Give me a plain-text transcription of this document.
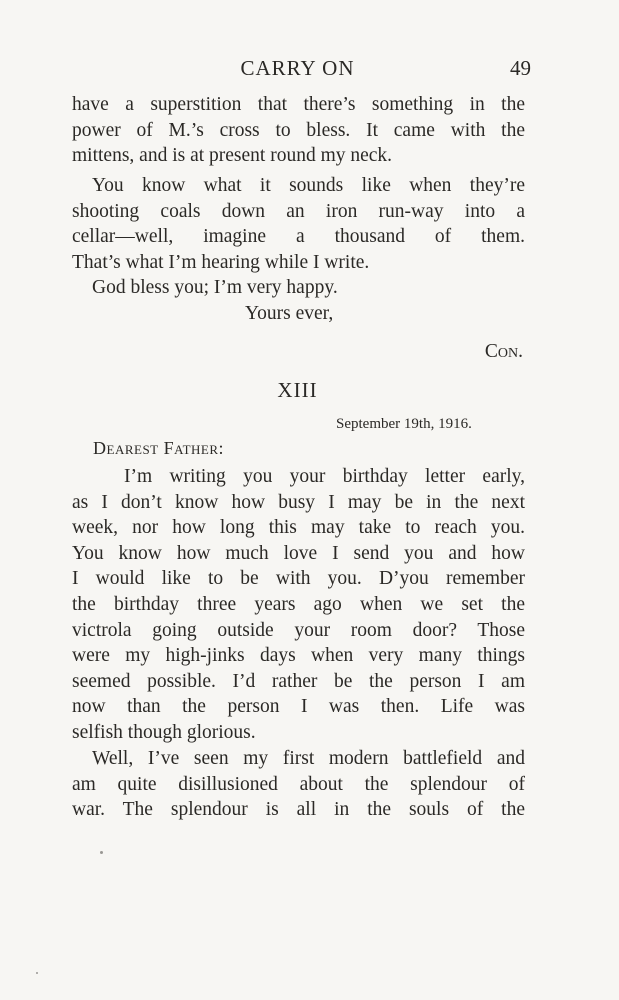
CARRY ON	49

have a superstition that there’s something in the

power of M.’s cross to bless. It came with the

mittens, and is at present round my neck.

You know what it sounds like when they’re

shooting coals down an iron run-way into a

cellar—well, imagine a thousand of them.

That’s what I’m hearing while I write.

God bless you; I’m very happy.

Yours ever,

Con.

XIII
September 19th, 1916.
Dearest Father:

I’m writing you your birthday letter early,

as I don’t know how busy I may be in the next

week, nor how long this may take to reach you.

You know how much love I send you and how

I would like to be with you. D’you remember

the birthday three years ago when we set the

victrola going outside your room door? Those

were my high-jinks days when very many things

seemed possible. I’d rather be the person I am

now than the person I was then. Life was

selfish though glorious.

Well, I’ve seen my first modern battlefield and

am quite disillusioned about the splendour of

war. The splendour is all in the souls of the
